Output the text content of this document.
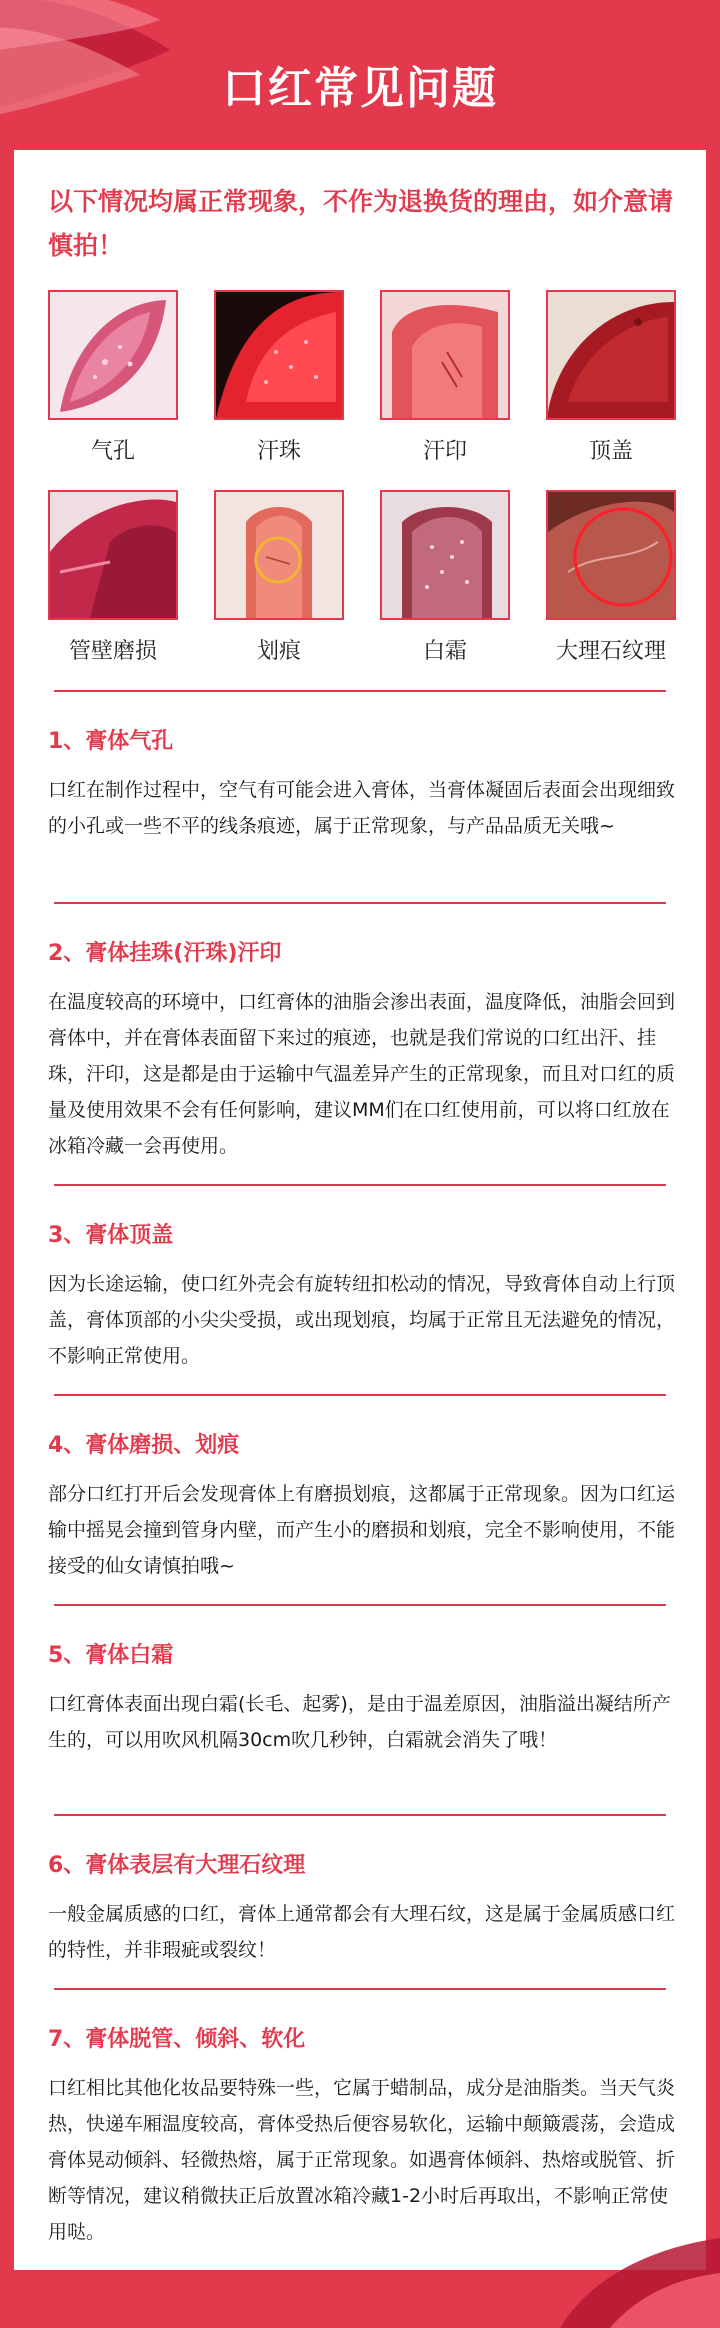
口红常见问题
以下情况均属正常现象，不作为退换货的理由，如介意请慎拍！
气孔	汗珠	汗印	顶盖
管壁磨损	划痕	白霜	大理石纹理
1、膏体气孔
口红在制作过程中，空气有可能会进入膏体，当膏体凝固后表面会出现细致的小孔或一些不平的线条痕迹，属于正常现象，与产品品质无关哦~
2、膏体挂珠(汗珠)汗印
在温度较高的环境中，口红膏体的油脂会渗出表面，温度降低，油脂会回到膏体中，并在膏体表面留下来过的痕迹，也就是我们常说的口红出汗、挂珠，汗印，这是都是由于运输中气温差异产生的正常现象，而且对口红的质量及使用效果不会有任何影响，建议MM们在口红使用前，可以将口红放在冰箱冷藏一会再使用。
3、膏体顶盖
因为长途运输，使口红外壳会有旋转纽扣松动的情况，导致膏体自动上行顶盖，膏体顶部的小尖尖受损，或出现划痕，均属于正常且无法避免的情况，不影响正常使用。
4、膏体磨损、划痕
部分口红打开后会发现膏体上有磨损划痕，这都属于正常现象。因为口红运输中摇晃会撞到管身内壁，而产生小的磨损和划痕，完全不影响使用，不能接受的仙女请慎拍哦~
5、膏体白霜
口红膏体表面出现白霜(长毛、起雾)，是由于温差原因，油脂溢出凝结所产生的，可以用吹风机隔30cm吹几秒钟，白霜就会消失了哦！
6、膏体表层有大理石纹理
一般金属质感的口红，膏体上通常都会有大理石纹，这是属于金属质感口红的特性，并非瑕疵或裂纹！
7、膏体脱管、倾斜、软化
口红相比其他化妆品要特殊一些，它属于蜡制品，成分是油脂类。当天气炎热，快递车厢温度较高，膏体受热后便容易软化，运输中颠簸震荡，会造成膏体晃动倾斜、轻微热熔，属于正常现象。如遇膏体倾斜、热熔或脱管、折断等情况，建议稍微扶正后放置冰箱冷藏1-2小时后再取出，不影响正常使用哒。
